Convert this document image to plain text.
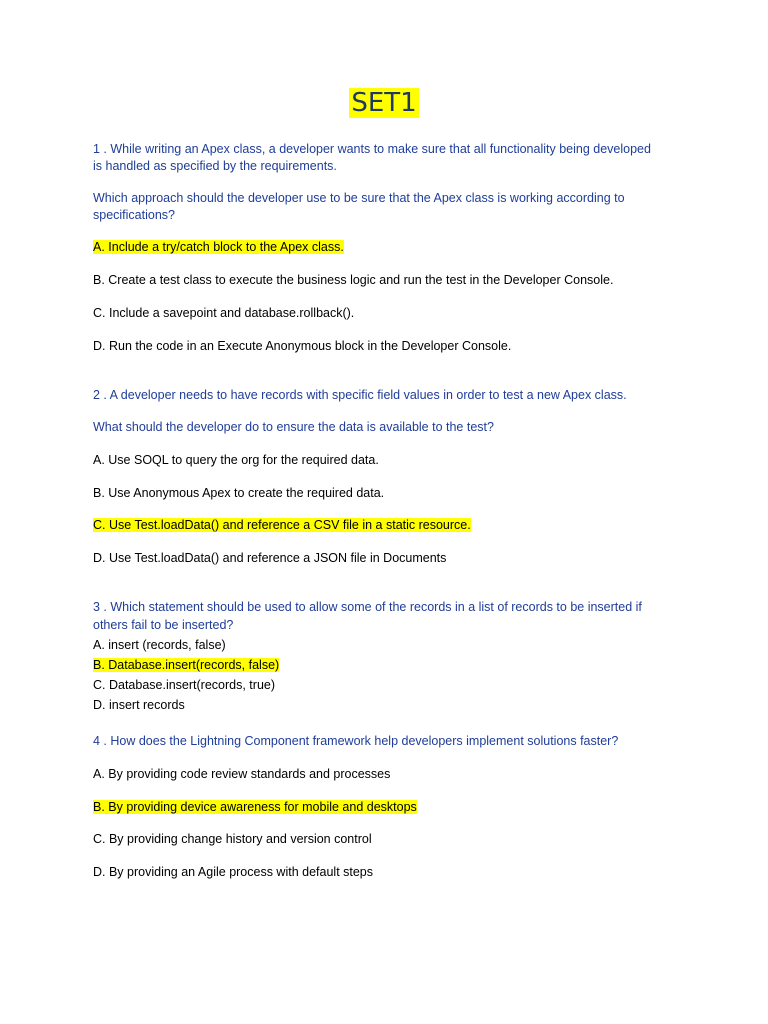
SET1
1 . While writing an Apex class, a developer wants to make sure that all functionality being developed
is handled as specified by the requirements.
Which approach should the developer use to be sure that the Apex class is working according to
specifications?
A. Include a try/catch block to the Apex class.
B. Create a test class to execute the business logic and run the test in the Developer Console.
C. Include a savepoint and database.rollback().
D. Run the code in an Execute Anonymous block in the Developer Console.
2 . A developer needs to have records with specific field values in order to test a new Apex class.
What should the developer do to ensure the data is available to the test?
A. Use SOQL to query the org for the required data.
B. Use Anonymous Apex to create the required data.
C. Use Test.loadData() and reference a CSV file in a static resource.
D. Use Test.loadData() and reference a JSON file in Documents
3 . Which statement should be used to allow some of the records in a list of records to be inserted if
others fail to be inserted?
A. insert (records, false)
B. Database.insert(records, false)
C. Database.insert(records, true)
D. insert records
4 . How does the Lightning Component framework help developers implement solutions faster?
A. By providing code review standards and processes
B. By providing device awareness for mobile and desktops
C. By providing change history and version control
D. By providing an Agile process with default steps
